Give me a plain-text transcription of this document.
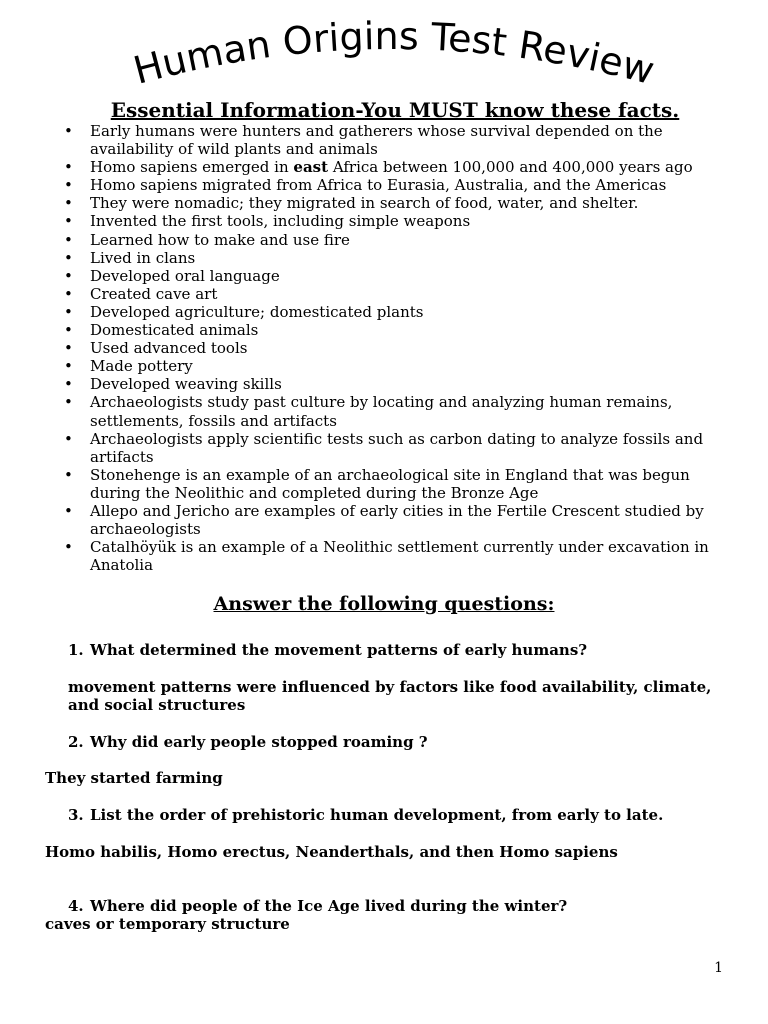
Human Origins Test Review
Essential Information-You MUST know these facts.
• Early humans were hunters and gatherers whose survival depended on the availability of wild plants and animals
• Homo sapiens emerged in east Africa between 100,000 and 400,000 years ago
• Homo sapiens migrated from Africa to Eurasia, Australia, and the Americas
• They were nomadic; they migrated in search of food, water, and shelter.
• Invented the first tools, including simple weapons
• Learned how to make and use fire
• Lived in clans
• Developed oral language
• Created cave art
• Developed agriculture; domesticated plants
• Domesticated animals
• Used advanced tools
• Made pottery
• Developed weaving skills
• Archaeologists study past culture by locating and analyzing human remains, settlements, fossils and artifacts
• Archaeologists apply scientific tests such as carbon dating to analyze fossils and artifacts
• Stonehenge is an example of an archaeological site in England that was begun during the Neolithic and completed during the Bronze Age
• Allepo and Jericho are examples of early cities in the Fertile Crescent studied by archaeologists
• Catalhöyük is an example of a Neolithic settlement currently under excavation in Anatolia
Answer the following questions:
1. What determined the movement patterns of early humans?
movement patterns were influenced by factors like food availability, climate, and social structures
2. Why did early people stopped roaming ?
They started farming
3. List the order of prehistoric human development, from early to late.
Homo habilis, Homo erectus, Neanderthals, and then Homo sapiens
4. Where did people of the Ice Age lived during the winter?
caves or temporary structure
1
